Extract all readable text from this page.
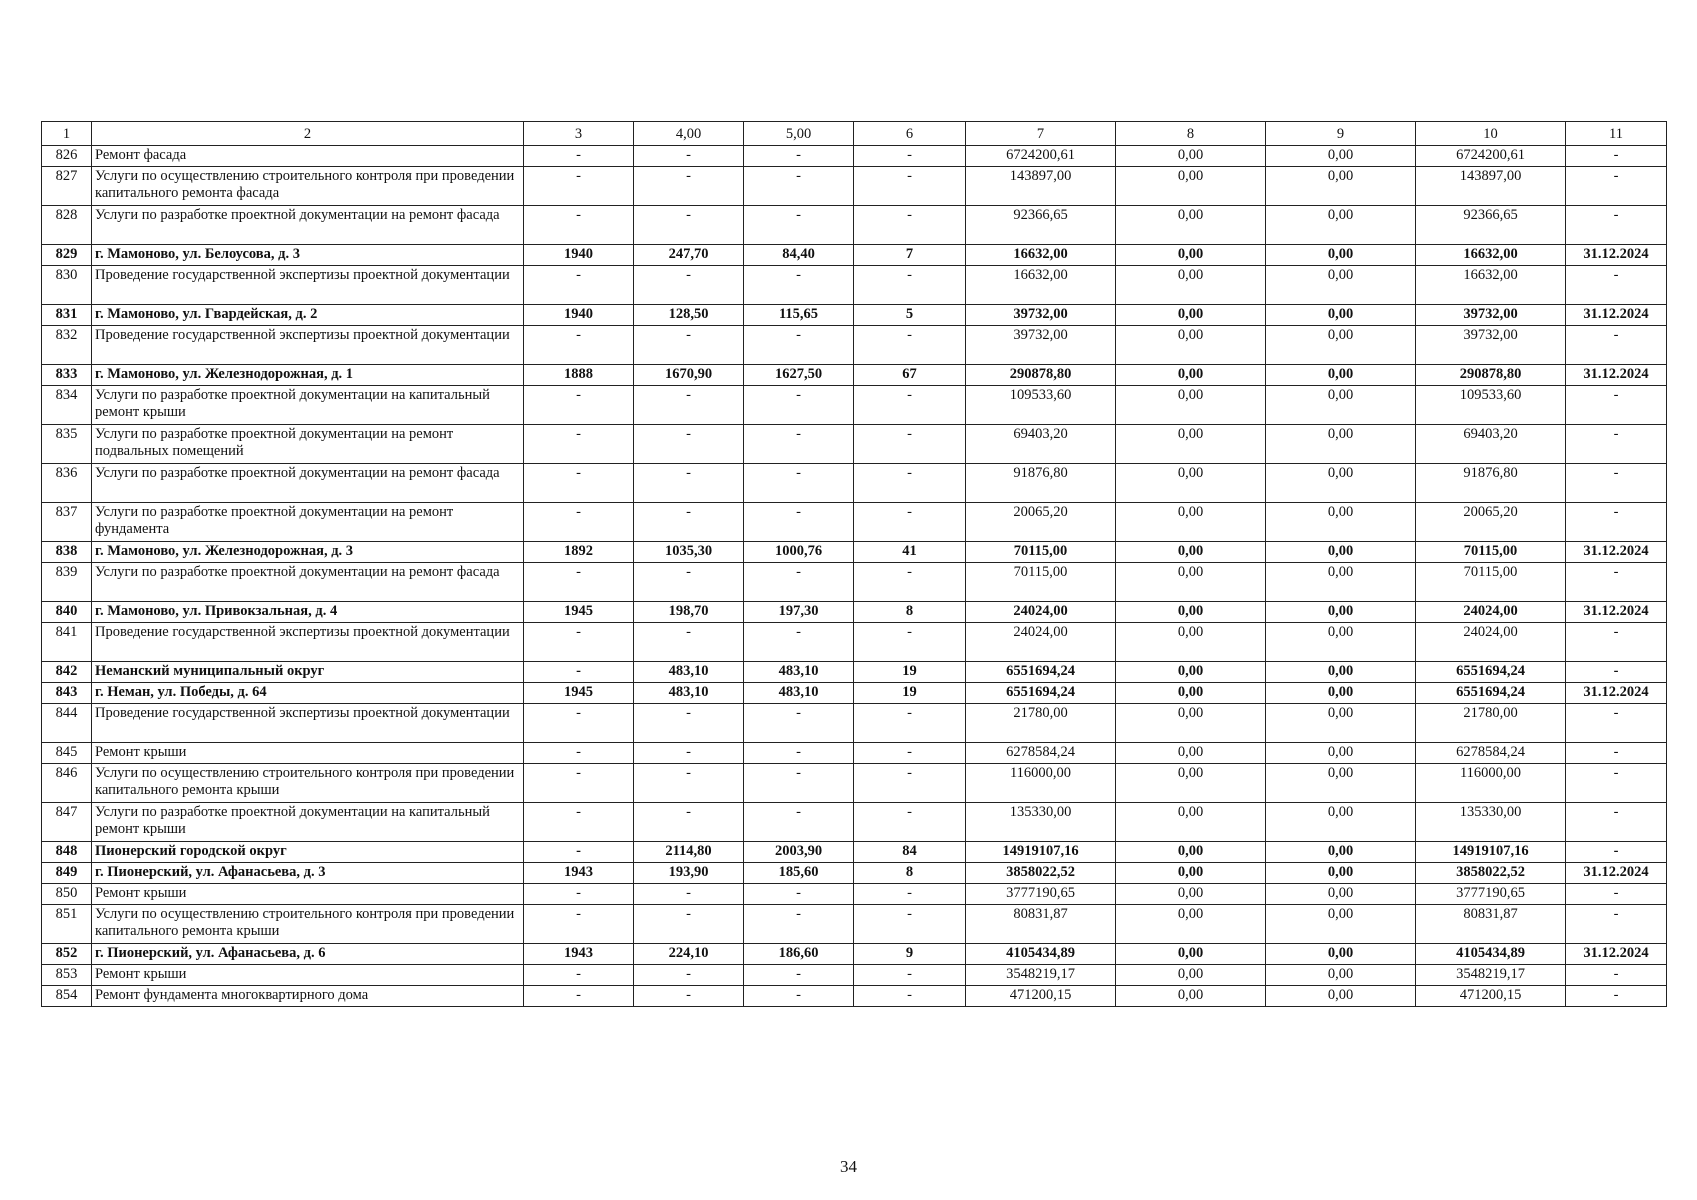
1	2	3	4,00	5,00	6	7	8	9	10	11
826	Ремонт фасада	-	-	-	-	6724200,61	0,00	0,00	6724200,61	-
827	Услуги по осуществлению строительного контроля при проведении капитального ремонта фасада	-	-	-	-	143897,00	0,00	0,00	143897,00	-
828	Услуги по разработке проектной документации на ремонт фасада	-	-	-	-	92366,65	0,00	0,00	92366,65	-
829	г. Мамоново, ул. Белоусова, д. 3	1940	247,70	84,40	7	16632,00	0,00	0,00	16632,00	31.12.2024
830	Проведение государственной экспертизы проектной документации	-	-	-	-	16632,00	0,00	0,00	16632,00	-
831	г. Мамоново, ул. Гвардейская, д. 2	1940	128,50	115,65	5	39732,00	0,00	0,00	39732,00	31.12.2024
832	Проведение государственной экспертизы проектной документации	-	-	-	-	39732,00	0,00	0,00	39732,00	-
833	г. Мамоново, ул. Железнодорожная, д. 1	1888	1670,90	1627,50	67	290878,80	0,00	0,00	290878,80	31.12.2024
834	Услуги по разработке проектной документации на капитальный ремонт крыши	-	-	-	-	109533,60	0,00	0,00	109533,60	-
835	Услуги по разработке проектной документации на ремонт подвальных помещений	-	-	-	-	69403,20	0,00	0,00	69403,20	-
836	Услуги по разработке проектной документации на ремонт фасада	-	-	-	-	91876,80	0,00	0,00	91876,80	-
837	Услуги по разработке проектной документации на ремонт фундамента	-	-	-	-	20065,20	0,00	0,00	20065,20	-
838	г. Мамоново, ул. Железнодорожная, д. 3	1892	1035,30	1000,76	41	70115,00	0,00	0,00	70115,00	31.12.2024
839	Услуги по разработке проектной документации на ремонт фасада	-	-	-	-	70115,00	0,00	0,00	70115,00	-
840	г. Мамоново, ул. Привокзальная, д. 4	1945	198,70	197,30	8	24024,00	0,00	0,00	24024,00	31.12.2024
841	Проведение государственной экспертизы проектной документации	-	-	-	-	24024,00	0,00	0,00	24024,00	-
842	Неманский муниципальный округ	-	483,10	483,10	19	6551694,24	0,00	0,00	6551694,24	-
843	г. Неман, ул. Победы, д. 64	1945	483,10	483,10	19	6551694,24	0,00	0,00	6551694,24	31.12.2024
844	Проведение государственной экспертизы проектной документации	-	-	-	-	21780,00	0,00	0,00	21780,00	-
845	Ремонт крыши	-	-	-	-	6278584,24	0,00	0,00	6278584,24	-
846	Услуги по осуществлению строительного контроля при проведении капитального ремонта крыши	-	-	-	-	116000,00	0,00	0,00	116000,00	-
847	Услуги по разработке проектной документации на капитальный ремонт крыши	-	-	-	-	135330,00	0,00	0,00	135330,00	-
848	Пионерский городской округ	-	2114,80	2003,90	84	14919107,16	0,00	0,00	14919107,16	-
849	г. Пионерский, ул. Афанасьева, д. 3	1943	193,90	185,60	8	3858022,52	0,00	0,00	3858022,52	31.12.2024
850	Ремонт крыши	-	-	-	-	3777190,65	0,00	0,00	3777190,65	-
851	Услуги по осуществлению строительного контроля при проведении капитального ремонта крыши	-	-	-	-	80831,87	0,00	0,00	80831,87	-
852	г. Пионерский, ул. Афанасьева, д. 6	1943	224,10	186,60	9	4105434,89	0,00	0,00	4105434,89	31.12.2024
853	Ремонт крыши	-	-	-	-	3548219,17	0,00	0,00	3548219,17	-
854	Ремонт фундамента многоквартирного дома	-	-	-	-	471200,15	0,00	0,00	471200,15	-
34
